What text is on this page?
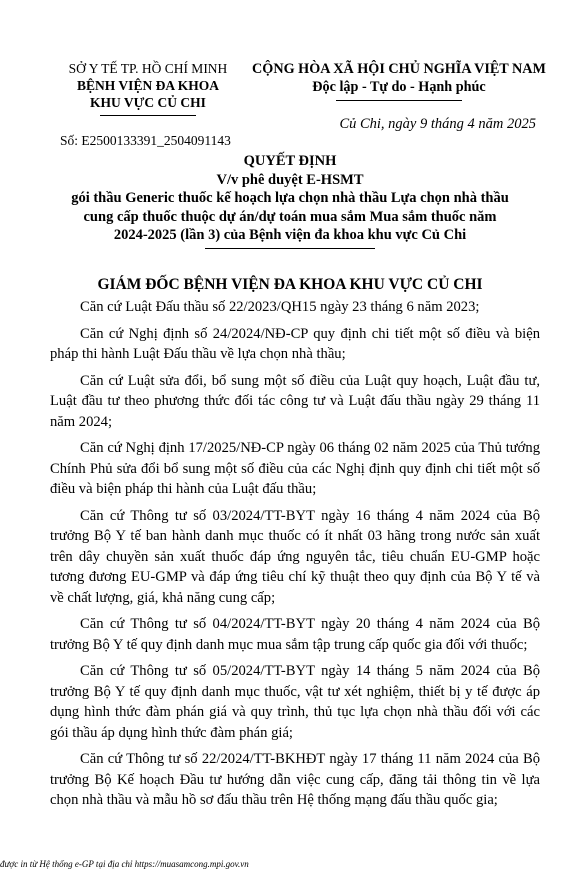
SỞ Y TẾ TP. HỒ CHÍ MINH
BỆNH VIỆN ĐA KHOA
KHU VỰC CỦ CHI
CỘNG HÒA XÃ HỘI CHỦ NGHĨA VIỆT NAM
Độc lập - Tự do - Hạnh phúc
Củ Chi, ngày 9 tháng 4 năm 2025
Số: E2500133391_2504091143
QUYẾT ĐỊNH
V/v phê duyệt E-HSMT
gói thầu Generic thuốc kế hoạch lựa chọn nhà thầu Lựa chọn nhà thầu
cung cấp thuốc thuộc dự án/dự toán mua sắm Mua sắm thuốc năm
2024-2025 (lần 3) của Bệnh viện đa khoa khu vực Củ Chi
GIÁM ĐỐC BỆNH VIỆN ĐA KHOA KHU VỰC CỦ CHI

Căn cứ Luật Đấu thầu số 22/2023/QH15 ngày 23 tháng 6 năm 2023;

Căn cứ Nghị định số 24/2024/NĐ-CP quy định chi tiết một số điều và biện pháp thi hành Luật Đấu thầu về lựa chọn nhà thầu;

Căn cứ Luật sửa đổi, bổ sung một số điều của Luật quy hoạch, Luật đầu tư, Luật đầu tư theo phương thức đối tác công tư và Luật đấu thầu ngày 29 tháng 11 năm 2024;

Căn cứ Nghị định 17/2025/NĐ-CP ngày 06 tháng 02 năm 2025 của Thủ tướng Chính Phủ sửa đổi bổ sung một số điều của các Nghị định quy định chi tiết một số điều và biện pháp thi hành của Luật đấu thầu;

Căn cứ Thông tư số 03/2024/TT-BYT ngày 16 tháng 4 năm 2024 của Bộ trưởng Bộ Y tế ban hành danh mục thuốc có ít nhất 03 hãng trong nước sản xuất trên dây chuyền sản xuất thuốc đáp ứng nguyên tắc, tiêu chuẩn EU-GMP hoặc tương đương EU-GMP và đáp ứng tiêu chí kỹ thuật theo quy định của Bộ Y tế và về chất lượng, giá, khả năng cung cấp;

Căn cứ Thông tư số 04/2024/TT-BYT ngày 20 tháng 4 năm 2024 của Bộ trưởng Bộ Y tế quy định danh mục mua sắm tập trung cấp quốc gia đối với thuốc;

Căn cứ Thông tư số 05/2024/TT-BYT ngày 14 tháng 5 năm 2024 của Bộ trưởng Bộ Y tế quy định danh mục thuốc, vật tư xét nghiệm, thiết bị y tế được áp dụng hình thức đàm phán giá và quy trình, thủ tục lựa chọn nhà thầu đối với các gói thầu áp dụng hình thức đàm phán giá;

Căn cứ Thông tư số 22/2024/TT-BKHĐT ngày 17 tháng 11 năm 2024 của Bộ trưởng Bộ Kế hoạch Đầu tư hướng dẫn việc cung cấp, đăng tải thông tin về lựa chọn nhà thầu và mẫu hồ sơ đấu thầu trên Hệ thống mạng đấu thầu quốc gia;

được in từ Hệ thống e-GP tại địa chỉ https://muasamcong.mpi.gov.vn
